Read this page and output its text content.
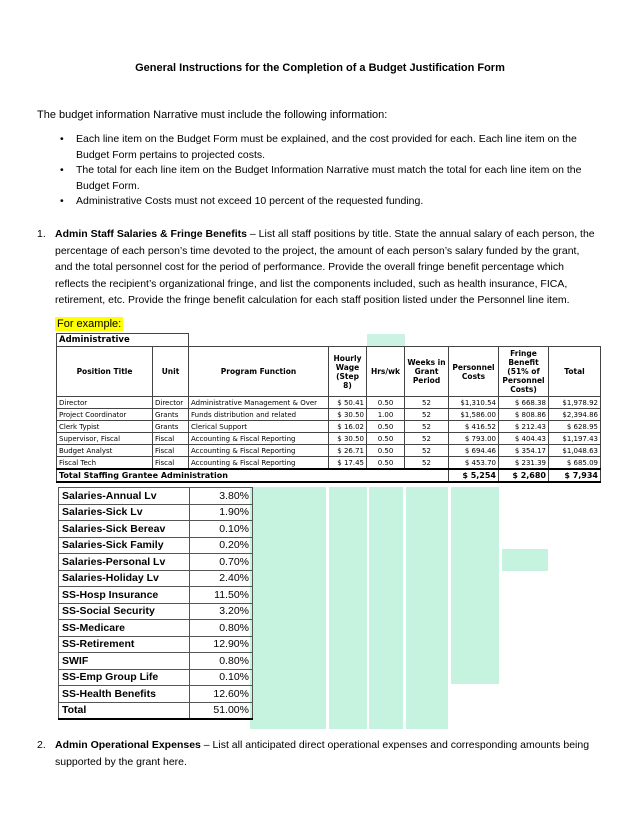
General Instructions for the Completion of a Budget Justification Form
The budget information Narrative must include the following information:
• Each line item on the Budget Form must be explained, and the cost provided for each. Each line item on the Budget Form pertains to projected costs.
• The total for each line item on the Budget Information Narrative must match the total for each line item on the Budget Form.
• Administrative Costs must not exceed 10 percent of the requested funding.
1. Admin Staff Salaries & Fringe Benefits – List all staff positions by title. State the annual salary of each person, the percentage of each person’s time devoted to the project, the amount of each person’s salary funded by the grant, and the total personnel cost for the period of performance. Provide the overall fringe benefit percentage which reflects the recipient’s organizational fringe, and list the components included, such as health insurance, FICA, retirement, etc. Provide the fringe benefit calculation for each staff position listed under the Personnel line item.
For example:
Administrative								
Position Title	Unit	Program Function	Hourly Wage (Step 8)	Hrs/wk	Weeks in Grant Period	Personnel Costs	Fringe Benefit (51% of Personnel Costs)	Total
Director	Director	Administrative Management & Over	$ 50.41	0.50	52	$1,310.54	$ 668.38	$1,978.92
Project Coordinator	Grants	Funds distribution and related	$ 30.50	1.00	52	$1,586.00	$ 808.86	$2,394.86
Clerk Typist	Grants	Clerical Support	$ 16.02	0.50	52	$ 416.52	$ 212.43	$ 628.95
Supervisor, Fiscal	Fiscal	Accounting & Fiscal Reporting	$ 30.50	0.50	52	$ 793.00	$ 404.43	$1,197.43
Budget Analyst	Fiscal	Accounting & Fiscal Reporting	$ 26.71	0.50	52	$ 694.46	$ 354.17	$1,048.63
Fiscal Tech	Fiscal	Accounting & Fiscal Reporting	$ 17.45	0.50	52	$ 453.70	$ 231.39	$ 685.09
Total Staffing Grantee Administration						$ 5,254	$ 2,680	$ 7,934
Salaries-Annual Lv	3.80%
Salaries-Sick Lv	1.90%
Salaries-Sick Bereav	0.10%
Salaries-Sick Family	0.20%
Salaries-Personal Lv	0.70%
Salaries-Holiday Lv	2.40%
SS-Hosp Insurance	11.50%
SS-Social Security	3.20%
SS-Medicare	0.80%
SS-Retirement	12.90%
SWIF	0.80%
SS-Emp Group Life	0.10%
SS-Health Benefits	12.60%
Total	51.00%
2. Admin Operational Expenses – List all anticipated direct operational expenses and corresponding amounts being supported by the grant here.
